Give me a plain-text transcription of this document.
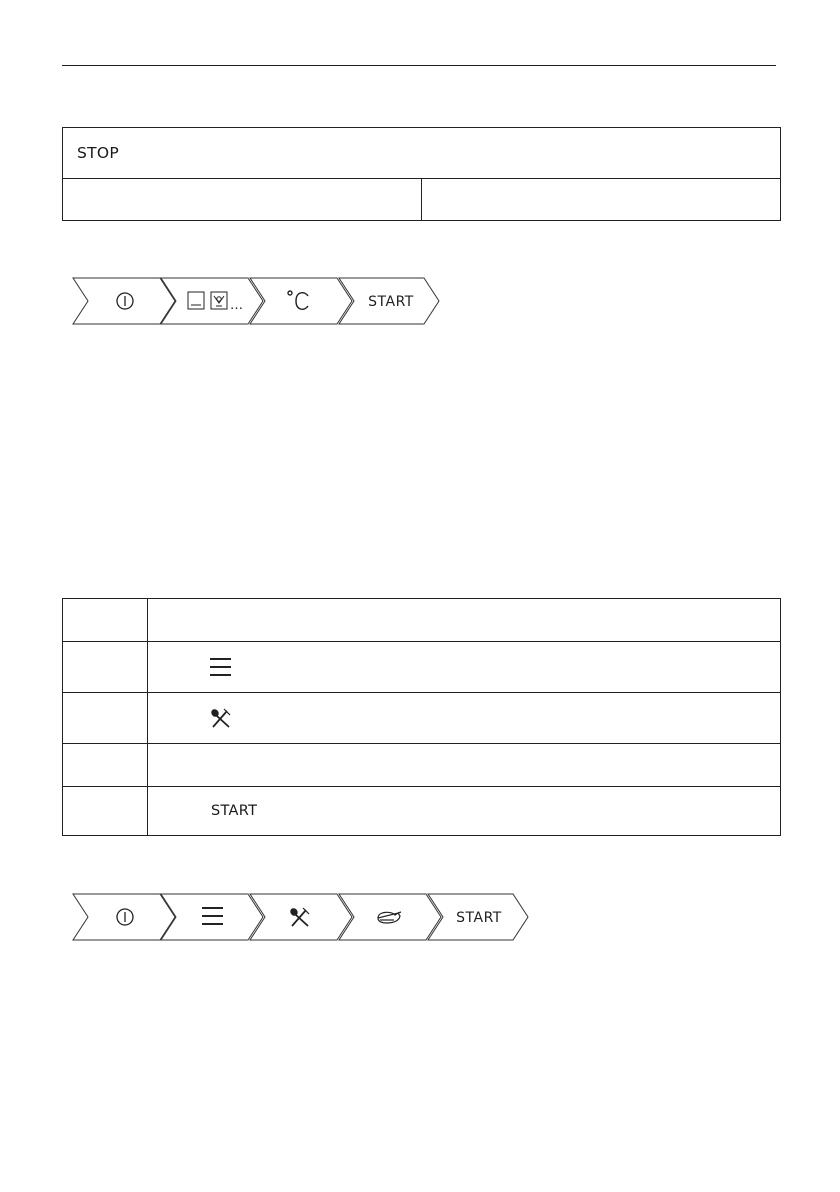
STOP

…	START

	START
START
